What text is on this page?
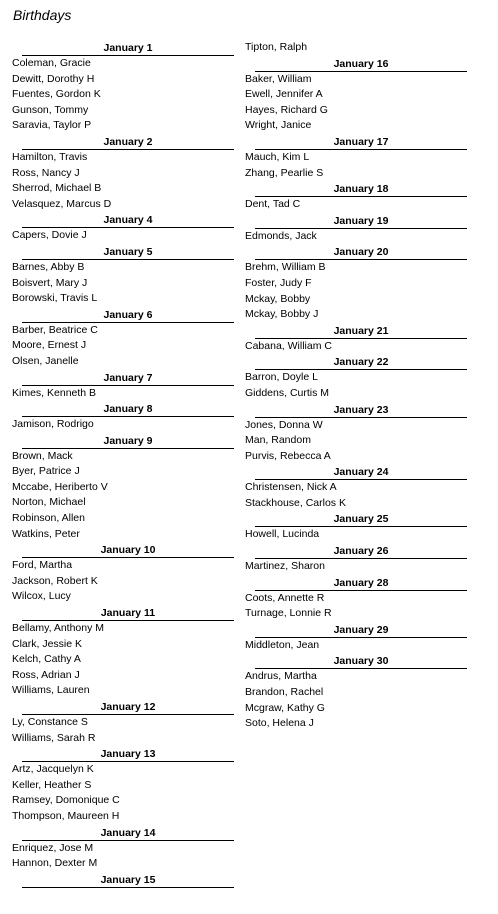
Birthdays
January 1
Coleman, Gracie
Dewitt, Dorothy H
Fuentes, Gordon K
Gunson, Tommy
Saravia, Taylor P
January 2
Hamilton, Travis
Ross, Nancy J
Sherrod, Michael B
Velasquez, Marcus D
January 4
Capers, Dovie J
January 5
Barnes, Abby B
Boisvert, Mary J
Borowski, Travis L
January 6
Barber, Beatrice C
Moore, Ernest J
Olsen, Janelle
January 7
Kimes, Kenneth B
January 8
Jamison, Rodrigo
January 9
Brown, Mack
Byer, Patrice J
Mccabe, Heriberto V
Norton, Michael
Robinson, Allen
Watkins, Peter
January 10
Ford, Martha
Jackson, Robert K
Wilcox, Lucy
January 11
Bellamy, Anthony M
Clark, Jessie K
Kelch, Cathy A
Ross, Adrian J
Williams, Lauren
January 12
Ly, Constance S
Williams, Sarah R
January 13
Artz, Jacquelyn K
Keller, Heather S
Ramsey, Domonique C
Thompson, Maureen H
January 14
Enriquez, Jose M
Hannon, Dexter M
January 15
Tipton, Ralph
January 16
Baker, William
Ewell, Jennifer A
Hayes, Richard G
Wright, Janice
January 17
Mauch, Kim L
Zhang, Pearlie S
January 18
Dent, Tad C
January 19
Edmonds, Jack
January 20
Brehm, William B
Foster, Judy F
Mckay, Bobby
Mckay, Bobby J
January 21
Cabana, William C
January 22
Barron, Doyle L
Giddens, Curtis M
January 23
Jones, Donna W
Man, Random
Purvis, Rebecca A
January 24
Christensen, Nick A
Stackhouse, Carlos K
January 25
Howell, Lucinda
January 26
Martinez, Sharon
January 28
Coots, Annette R
Turnage, Lonnie R
January 29
Middleton, Jean
January 30
Andrus, Martha
Brandon, Rachel
Mcgraw, Kathy G
Soto, Helena J
